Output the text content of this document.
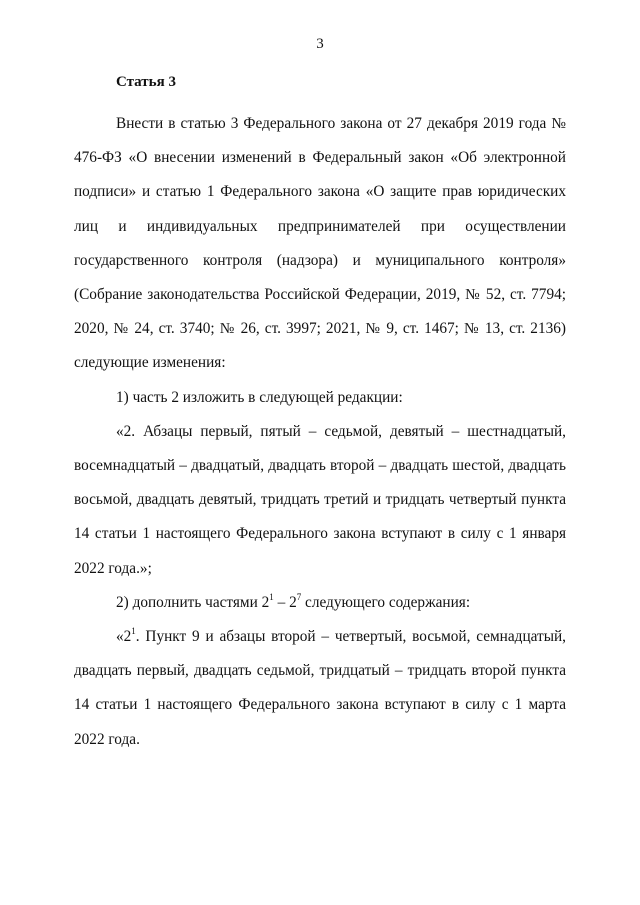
3
Статья 3

Внести в статью 3 Федерального закона от 27 декабря 2019 года № 476-ФЗ «О внесении изменений в Федеральный закон «Об электронной подписи» и статью 1 Федерального закона «О защите прав юридических лиц и индивидуальных предпринимателей при осуществлении государственного контроля (надзора) и муниципального контроля» (Собрание законодательства Российской Федерации, 2019, № 52, ст. 7794; 2020, № 24, ст. 3740; № 26, ст. 3997; 2021, № 9, ст. 1467; № 13, ст. 2136) следующие изменения:

1) часть 2 изложить в следующей редакции:

«2. Абзацы первый, пятый – седьмой, девятый – шестнадцатый, восемнадцатый – двадцатый, двадцать второй – двадцать шестой, двадцать восьмой, двадцать девятый, тридцать третий и тридцать четвертый пункта 14 статьи 1 настоящего Федерального закона вступают в силу с 1 января 2022 года.»;

2) дополнить частями $2^1 - 2^7$ следующего содержания:

«$2^1$. Пункт 9 и абзацы второй – четвертый, восьмой, семнадцатый, двадцать первый, двадцать седьмой, тридцатый – тридцать второй пункта 14 статьи 1 настоящего Федерального закона вступают в силу с 1 марта 2022 года.
